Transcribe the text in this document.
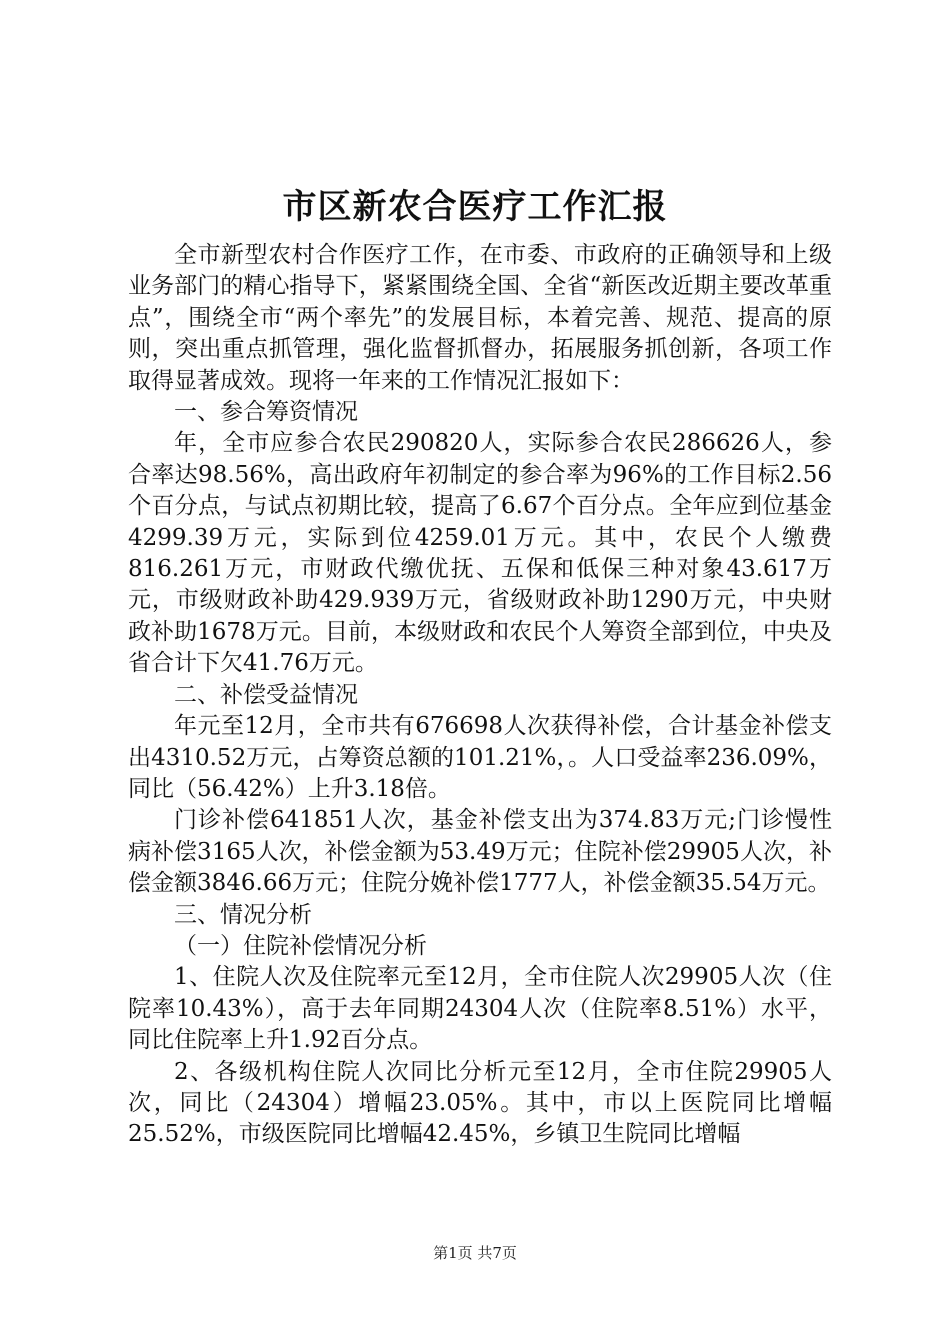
市区新农合医疗工作汇报

全市新型农村合作医疗工作，在市委、市政府的正确领导和上级业务部门的精心指导下，紧紧围绕全国、全省“新医改近期主要改革重点”，围绕全市“两个率先”的发展目标，本着完善、规范、提高的原则，突出重点抓管理，强化监督抓督办，拓展服务抓创新，各项工作取得显著成效。现将一年来的工作情况汇报如下：

一、参合筹资情况

年，全市应参合农民290820人，实际参合农民286626人，参合率达98.56%，高出政府年初制定的参合率为96%的工作目标2.56个百分点，与试点初期比较，提高了6.67个百分点。全年应到位基金4299.39万元，实际到位4259.01万元。其中，农民个人缴费816.261万元，市财政代缴优抚、五保和低保三种对象43.617万元，市级财政补助429.939万元，省级财政补助1290万元，中央财政补助1678万元。目前，本级财政和农民个人筹资全部到位，中央及省合计下欠41.76万元。

二、补偿受益情况

年元至12月，全市共有676698人次获得补偿，合计基金补偿支出4310.52万元，占筹资总额的101.21%，。人口受益率236.09%，同比（56.42%）上升3.18倍。

门诊补偿641851人次，基金补偿支出为374.83万元;门诊慢性病补偿3165人次，补偿金额为53.49万元；住院补偿29905人次，补偿金额3846.66万元；住院分娩补偿1777人，补偿金额35.54万元。

三、情况分析

（一）住院补偿情况分析

1、住院人次及住院率元至12月，全市住院人次29905人次（住院率10.43%），高于去年同期24304人次（住院率8.51%）水平，同比住院率上升1.92百分点。

2、各级机构住院人次同比分析元至12月，全市住院29905人次，同比（24304）增幅23.05%。其中，市以上医院同比增幅25.52%，市级医院同比增幅42.45%，乡镇卫生院同比增幅

第1页 共7页
